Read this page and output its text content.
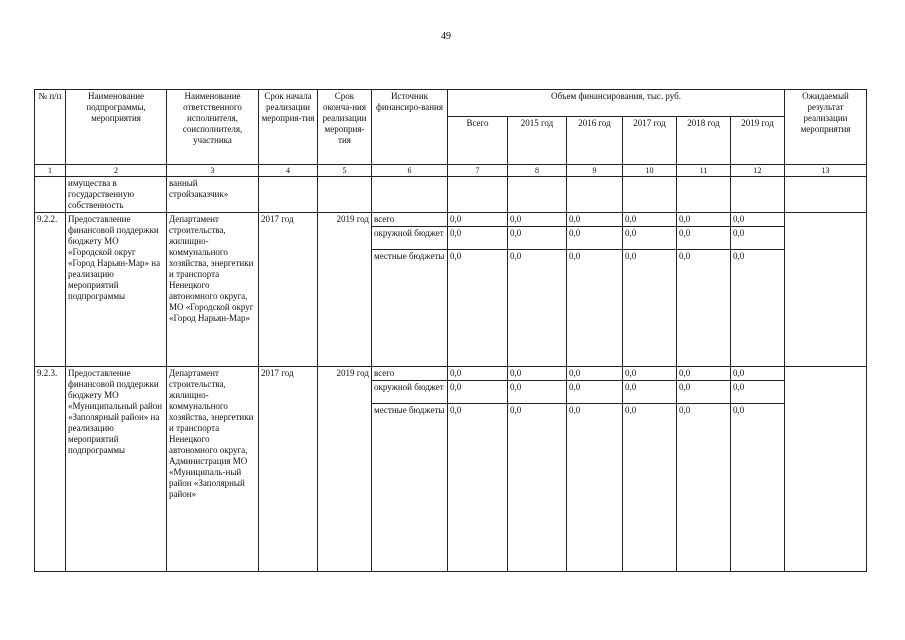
49
№ п/п	Наименование подпрограммы, мероприятия	Наименование ответственного исполнителя, соисполнителя, участника	Срок начала реализации мероприя-тия	Срок оконча-ния реализации мероприя-тия	Источник финансиро-вания	Объем финансирования, тыс. руб.						Ожидаемый результат реализации мероприятия
						Всего	2015 год	2016 год	2017 год	2018 год	2019 год	
1	2	3	4	5	6	7	8	9	10	11	12	13
	имущества в государственную собственность	ванный стройзаказчик»										
9.2.2.	Предоставление финансовой поддержки бюджету МО «Городской округ «Город Нарьян-Мар» на реализацию мероприятий подпрограммы	Департамент строительства, жилищно-коммунального хозяйства, энергетики и транспорта Ненецкого автономного округа, МО «Городской округ «Город Нарьян-Мар»	2017 год	2019 год	всего	0,0	0,0	0,0	0,0	0,0	0,0	
					окружной бюджет	0,0	0,0	0,0	0,0	0,0	0,0	
					местные бюджеты	0,0	0,0	0,0	0,0	0,0	0,0	
9.2.3.	Предоставление финансовой поддержки бюджету МО «Муниципальный район «Заполярный район» на реализацию мероприятий подпрограммы	Департамент строительства, жилищно-коммунального хозяйства, энергетики и транспорта Ненецкого автономного округа, Администрация МО «Муниципаль-ный район «Заполярный район»	2017 год	2019 год	всего	0,0	0,0	0,0	0,0	0,0	0,0	
					окружной бюджет	0,0	0,0	0,0	0,0	0,0	0,0	
					местные бюджеты	0,0	0,0	0,0	0,0	0,0	0,0	
